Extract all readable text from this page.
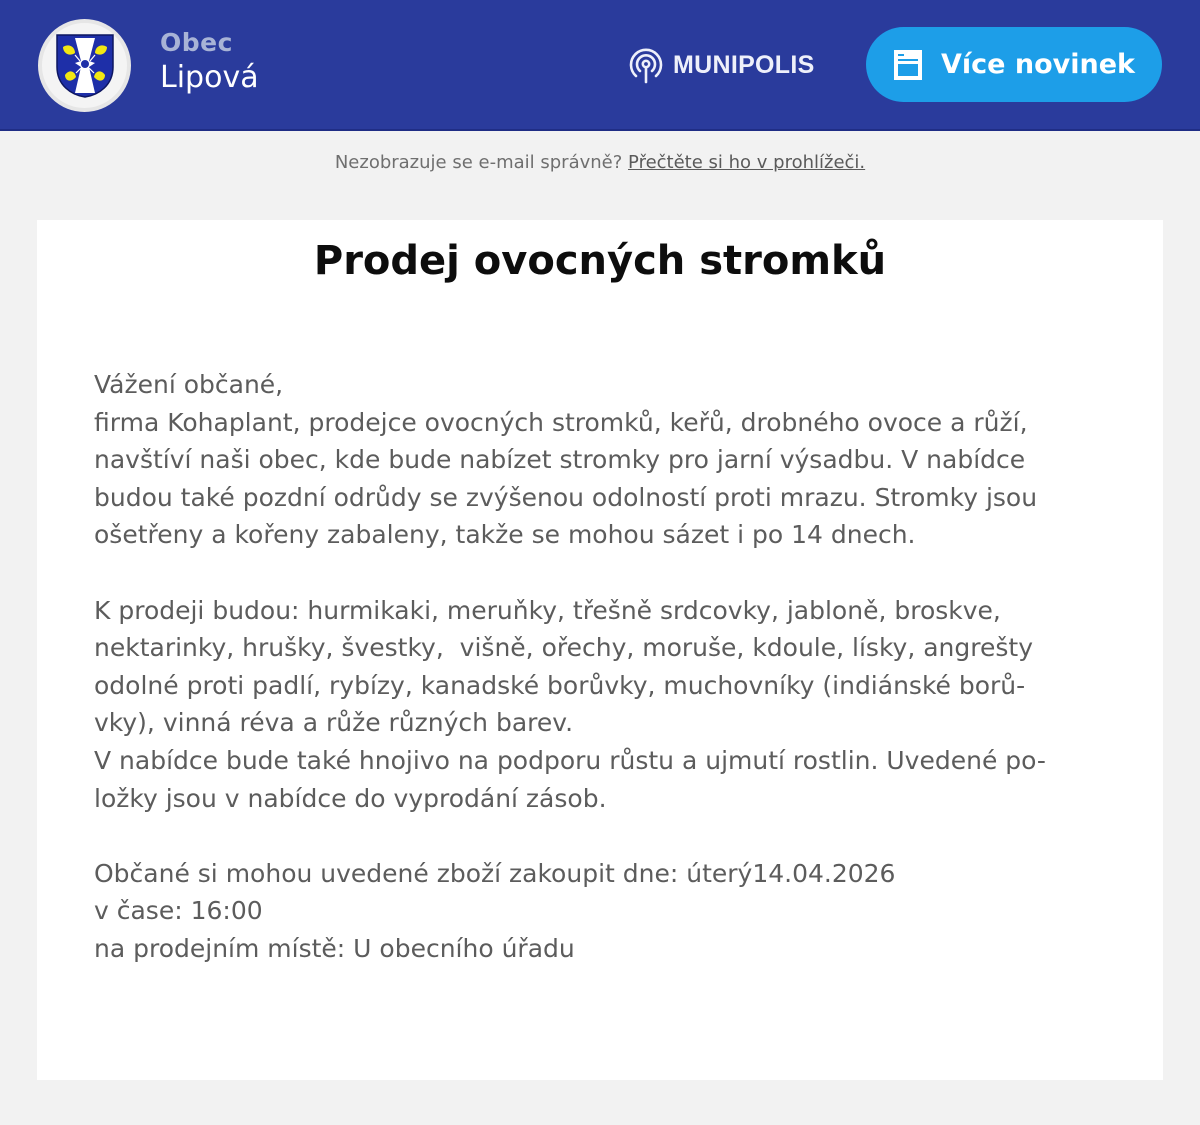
Obec
Lipová	MUNIPOLIS	Více novinek
Nezobrazuje se e-mail správně? Přečtěte si ho v prohlížeči.
Prodej ovocných stromků

Vážení občané,
firma Kohaplant, prodejce ovocných stromků, keřů, drobného ovoce a růží,
navštíví naši obec, kde bude nabízet stromky pro jarní výsadbu. V nabídce
budou také pozdní odrůdy se zvýšenou odolností proti mrazu. Stromky jsou
ošetřeny a kořeny zabaleny, takže se mohou sázet i po 14 dnech.

K prodeji budou: hurmikaki, meruňky, třešně srdcovky, jabloně, broskve,
nektarinky, hrušky, švestky,  višně, ořechy, moruše, kdoule, lísky, angrešty
odolné proti padlí, rybízy, kanadské borůvky, muchovníky (indiánské borů-
vky), vinná réva a růže různých barev.
V nabídce bude také hnojivo na podporu růstu a ujmutí rostlin. Uvedené po-
ložky jsou v nabídce do vyprodání zásob.

Občané si mohou uvedené zboží zakoupit dne: úterý14.04.2026
v čase: 16:00
na prodejním místě: U obecního úřadu
